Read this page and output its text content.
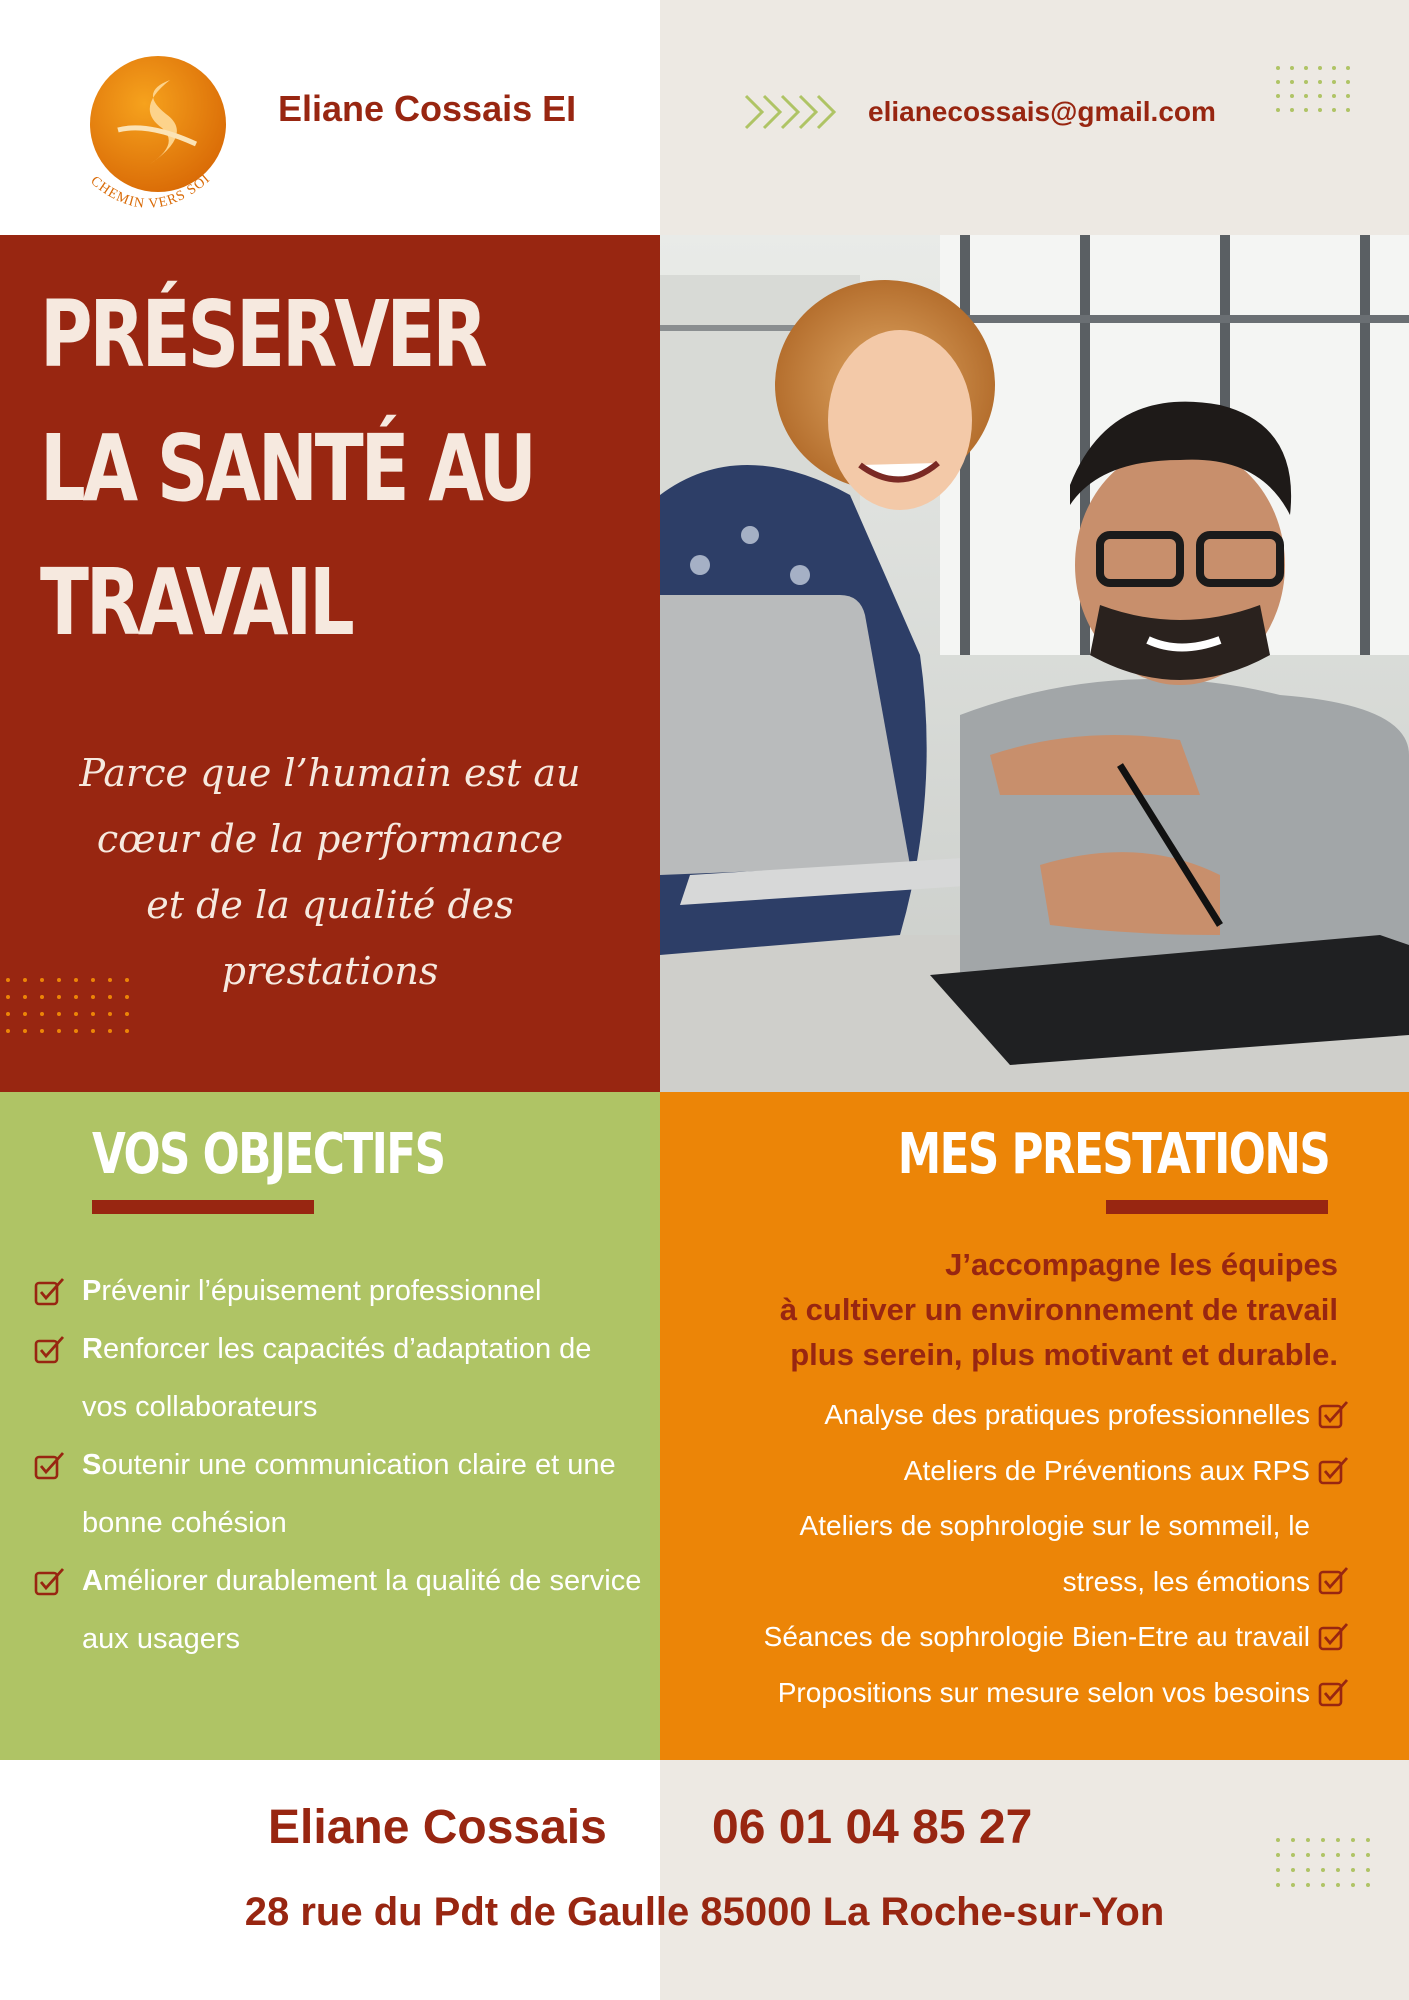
CHEMIN VERS SOI
Eliane Cossais EI	elianecossais@gmail.com
PRÉSERVER
LA SANTÉ AU
TRAVAIL
Parce que l’humain est au
cœur de la performance
et de la qualité des
prestations
VOS OBJECTIFS
Prévenir l’épuisement professionnel
Renforcer les capacités d’adaptation de vos collaborateurs
Soutenir une communication claire et une bonne cohésion
Améliorer durablement la qualité de service aux usagers
MES PRESTATIONS
J’accompagne les équipes
à cultiver un environnement de travail
plus serein, plus motivant et durable.
Analyse des pratiques professionnelles
Ateliers de Préventions aux RPS
Ateliers de sophrologie sur le sommeil, le stress, les émotions
Séances de sophrologie Bien-Etre au travail
Propositions sur mesure selon vos besoins
Eliane Cossais 06 01 04 85 27
28 rue du Pdt de Gaulle 85000 La Roche-sur-Yon
